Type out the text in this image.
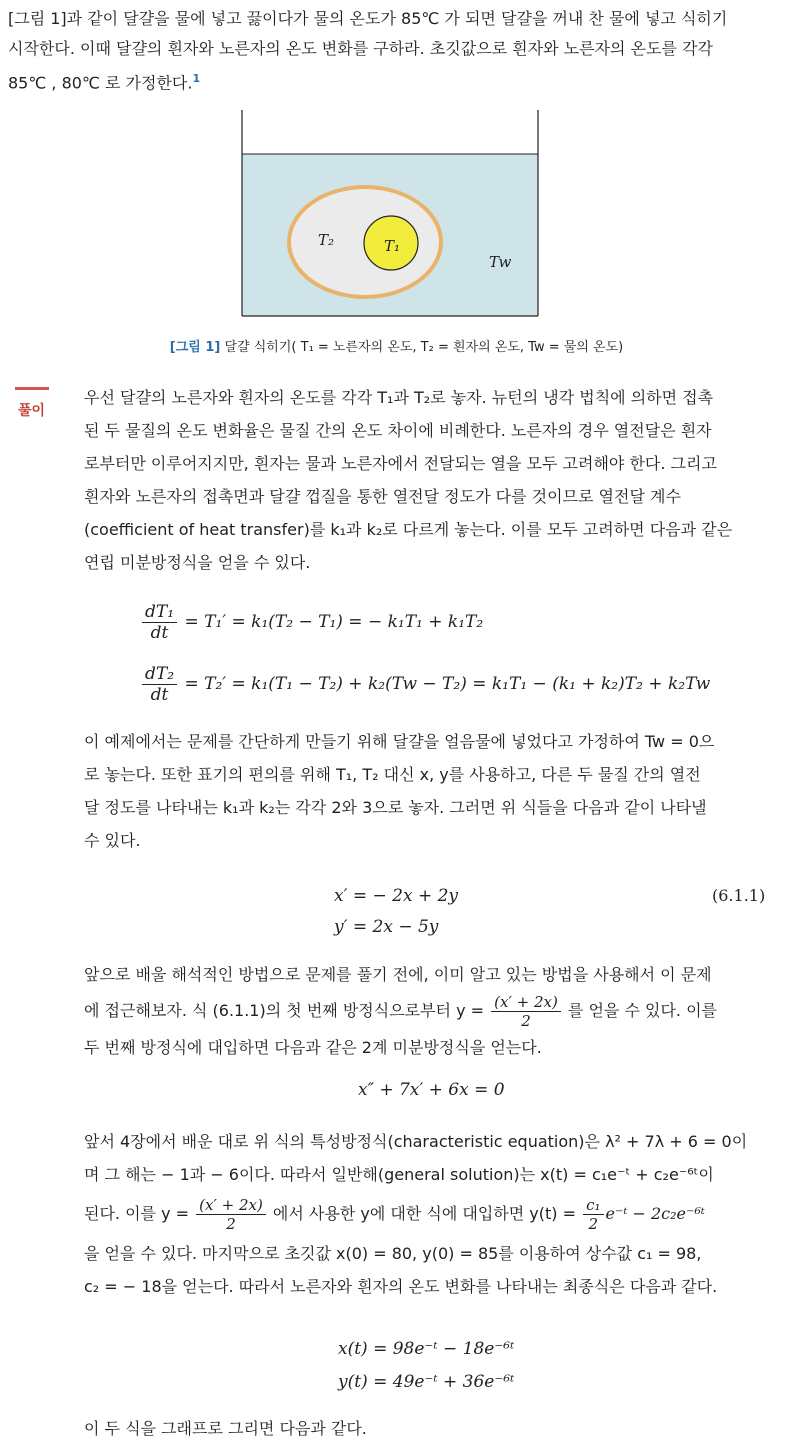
[그림 1]과 같이 달걀을 물에 넣고 끓이다가 물의 온도가 85℃ 가 되면 달걀을 꺼내 찬 물에 넣고 식히기

시작한다. 이때 달걀의 흰자와 노른자의 온도 변화를 구하라. 초깃값으로 흰자와 노른자의 온도를 각각

85℃ , 80℃ 로 가정한다.$^1$

T₂	T₁
Tw
[그림 1] 달걀 식히기( T₁ = 노른자의 온도, T₂ = 흰자의 온도, Tw = 물의 온도)
풀이

우선 달걀의 노른자와 흰자의 온도를 각각 T₁과 T₂로 놓자. 뉴턴의 냉각 법칙에 의하면 접촉

된 두 물질의 온도 변화율은 물질 간의 온도 차이에 비례한다. 노른자의 경우 열전달은 흰자

로부터만 이루어지지만, 흰자는 물과 노른자에서 전달되는 열을 모두 고려해야 한다. 그리고

흰자와 노른자의 접촉면과 달걀 껍질을 통한 열전달 정도가 다를 것이므로 열전달 계수

(coefficient of heat transfer)를 k₁과 k₂로 다르게 놓는다. 이를 모두 고려하면 다음과 같은

연립 미분방정식을 얻을 수 있다.

$\frac{\text{dT₁}}{dt} = T_1' = k_1(T_2 - T_1)$ = − k₁T₁ + k₁T₂
$\frac{\text{dT₂}}{dt} = T_2' = k_1(T_1 - T_2) + k_2(Tw - T_2) = k_1T_1 - (k_1 + k_2)T_2 + k_2Tw$

이 예제에서는 문제를 간단하게 만들기 위해 달걀을 얼음물에 넣었다고 가정하여 Tw = 0으

로 놓는다. 또한 표기의 편의를 위해 T₁, T₂ 대신 x, y를 사용하고, 다른 두 물질 간의 열전

달 정도를 나타내는 k₁과 k₂는 각각 2와 3으로 놓자. 그러면 위 식들을 다음과 같이 나타낼

수 있다.

x′ = − 2x + 2y
y′ = 2x − 5y
(6.1.1)

앞으로 배울 해석적인 방법으로 문제를 풀기 전에, 이미 알고 있는 방법을 사용해서 이 문제

에 접근해보자. 식 (6.1.1)의 첫 번째 방정식으로부터 $y = \frac{(x' + 2x)}{2}$ 를 얻을 수 있다. 이를

두 번째 방정식에 대입하면 다음과 같은 2계 미분방정식을 얻는다.

x″ + 7x′ + 6x = 0

앞서 4장에서 배운 대로 위 식의 특성방정식(characteristic equation)은 λ² + 7λ + 6 = 0이

며 그 해는 − 1과 − 6이다. 따라서 일반해(general solution)는 x(t) = c₁e⁻ᵗ + c₂e⁻⁶ᵗ이

된다. 이를 $y = \frac{(x' + 2x)}{2}$ 에서 사용한 y에 대한 식에 대입하면 $y(t) = \frac{\text{c₁}}{2}$ e⁻ᵗ − 2c₂e⁻⁶ᵗ

을 얻을 수 있다. 마지막으로 초깃값 x(0) = 80, y(0) = 85를 이용하여 상수값 c₁ = 98,

c₂ = − 18을 얻는다. 따라서 노른자와 흰자의 온도 변화를 나타내는 최종식은 다음과 같다.

x(t) = 98e⁻ᵗ − 18e⁻⁶ᵗ
y(t) = 49e⁻ᵗ + 36e⁻⁶ᵗ

이 두 식을 그래프로 그리면 다음과 같다.
